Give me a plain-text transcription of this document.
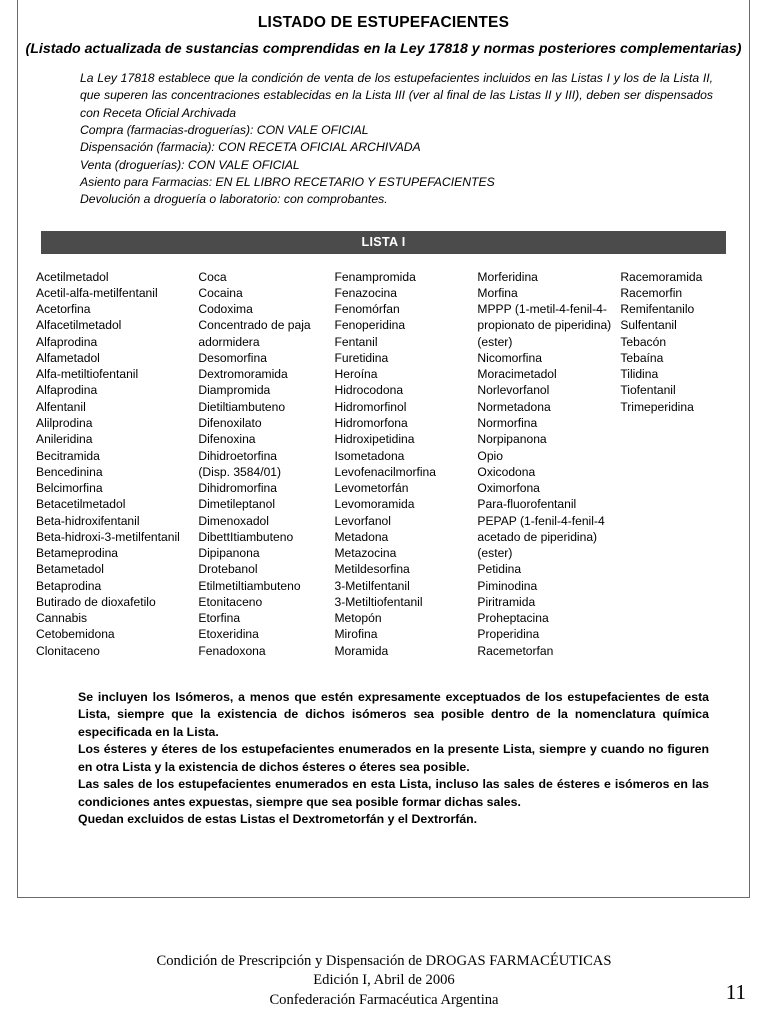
LISTADO DE ESTUPEFACIENTES
(Listado actualizada de sustancias comprendidas en la Ley 17818 y normas posteriores complementarias)
La Ley 17818 establece que la condición de venta de los estupefacientes incluidos en las Listas I y los de la Lista II, que superen las concentraciones establecidas en la Lista III (ver al final de las Listas II y III), deben ser dispensados con Receta Oficial Archivada
Compra (farmacias-droguerías): CON VALE OFICIAL
Dispensación (farmacia): CON RECETA OFICIAL ARCHIVADA
Venta (droguerías): CON VALE OFICIAL
Asiento para Farmacias: EN EL LIBRO RECETARIO Y ESTUPEFACIENTES
Devolución a droguería o laboratorio: con comprobantes.
LISTA I
Acetilmetadol
Acetil-alfa-metilfentanil
Acetorfina
Alfacetilmetadol
Alfaprodina
Alfametadol
Alfa-metiltiofentanil
Alfaprodina
Alfentanil
Alilprodina
Anileridina
Becitramida
Bencedinina
Belcimorfina
Betacetilmetadol
Beta-hidroxifentanil
Beta-hidroxi-3-metilfentanil
Betameprodina
Betametadol
Betaprodina
Butirado de dioxafetilo
Cannabis
Cetobemidona
Clonitaceno
Coca
Cocaina
Codoxima
Concentrado de paja
adormidera
Desomorfina
Dextromoramida
Diampromida
Dietiltiambuteno
Difenoxilato
Difenoxina
Dihidroetorfina
(Disp. 3584/01)
Dihidromorfina
Dimetileptanol
Dimenoxadol
DibettItiambuteno
Dipipanona
Drotebanol
Etilmetiltiambuteno
Etonitaceno
Etorfina
Etoxeridina
Fenadoxona
Fenampromida
Fenazocina
Fenomórfan
Fenoperidina
Fentanil
Furetidina
Heroína
Hidrocodona
Hidromorfinol
Hidromorfona
Hidroxipetidina
Isometadona
Levofenacilmorfina
Levometorfán
Levomoramida
Levorfanol
Metadona
Metazocina
Metildesorfina
3-Metilfentanil
3-Metiltiofentanil
Metopón
Mirofina
Moramida
Morferidina
Morfina
MPPP (1-metil-4-fenil-4-
propionato de piperidina)
(ester)
Nicomorfina
Moracimetadol
Norlevorfanol
Normetadona
Normorfina
Norpipanona
Opio
Oxicodona
Oximorfona
Para-fluorofentanil
PEPAP (1-fenil-4-fenil-4
acetado de piperidina)
(ester)
Petidina
Piminodina
Piritramida
Proheptacina
Properidina
Racemetorfan
Racemoramida
Racemorfin
Remifentanilo
Sulfentanil
Tebacón
Tebaína
Tilidina
Tiofentanil
Trimeperidina

Se incluyen los Isómeros, a menos que estén expresamente exceptuados de los estupefacientes de esta Lista, siempre que la existencia de dichos isómeros sea posible dentro de la nomenclatura química especificada en la Lista.

Los ésteres y éteres de los estupefacientes enumerados en la presente Lista, siempre y cuando no figuren en otra Lista y la existencia de dichos ésteres o éteres sea posible.

Las sales de los estupefacientes enumerados en esta Lista, incluso las sales de ésteres e isómeros en las condiciones antes expuestas, siempre que sea posible formar dichas sales.

Quedan excluidos de estas Listas el Dextrometorfán y el Dextrorfán.

Condición de Prescripción y Dispensación de DROGAS FARMACÉUTICAS
Edición I, Abril de 2006
Confederación Farmacéutica Argentina	11
